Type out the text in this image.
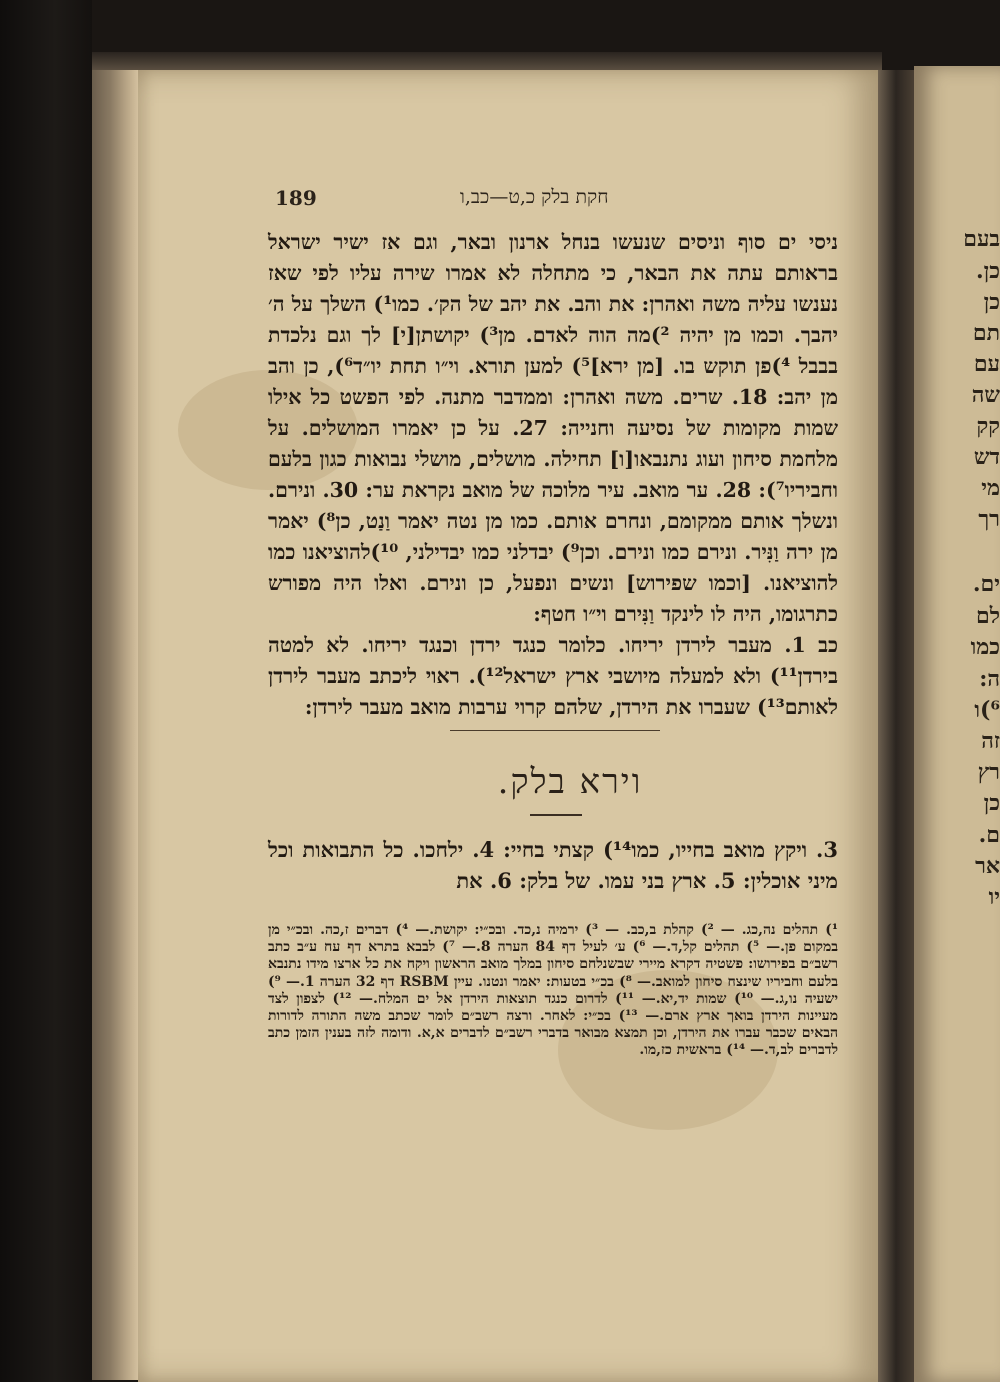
בעם
כן.
כן
תם
עם
שה
קק
דש
מי
רך
ים.
לם
כמו
ה:
⁶)ו
זה
רץ
כן
ם.
אר
יו
189	חקת בלק כ,ט—כב,ו

ניסי ים סוף וניסים שנעשו בנחל ארנון ובאר, וגם אז ישיר ישראל בראותם עתה את הבאר, כי מתחלה לא אמרו שירה עליו לפי שאז נענשו עליה משה ואהרן: את והב. את יהב של הק׳. כמו¹) השלך על ה׳ יהבך. וכמו מן יהיה ²)מה הוה לאדם. מן³) יקושתן[י] לך וגם נלכדת בבבל ⁴)פן תוקש בו. [מן ירא]⁵) למען תורא. וי״ו תחת יו״ד⁶), כן והב מן יהב: 18. שרים. משה ואהרן: וממדבר מתנה. לפי הפשט כל אילו שמות מקומות של נסיעה וחנייה: 27. על כן יאמרו המושלים. על מלחמת סיחון ועוג נתנבאו[ו] תחילה. מושלים, מושלי נבואות כגון בלעם וחביריו⁷): 28. ער מואב. עיר מלוכה של מואב נקראת ער: 30. ונירם. ונשלך אותם ממקומם, ונחרם אותם. כמו מן נטה יאמר וַנַט, כן⁸) יאמר מן ירה וַנִּיר. ונירם כמו ונירם. וכן⁹) יבדלני כמו יבדילני, ¹⁰)להוציאנו כמו להוציאנו. [וכמו שפירוש] ונשים ונפעל, כן ונירם. ואלו היה מפורש כתרגומו, היה לו לינקד וַנִּירם וי״ו חטף:

כב 1. מעבר לירדן יריחו. כלומר כנגד ירדן וכנגד יריחו. לא למטה בירדן¹¹) ולא למעלה מיושבי ארץ ישראל¹²). ראוי ליכתב מעבר לירדן לאותם¹³) שעברו את הירדן, שלהם קרוי ערבות מואב מעבר לירדן:

וירא בלק.

3. ויקץ מואב בחייו, כמו¹⁴) קצתי בחיי: 4. ילחכו. כל התבואות וכל מיני אוכלין: 5. ארץ בני עמו. של בלק: 6. את

¹) תהלים נה,כג. — ²) קהלת ב,כב. — ³) ירמיה נ,כד. ובכ״י: יקושת.— ⁴) דברים ז,כה. ובכ״י מן במקום פן.— ⁵) תהלים קל,ד.— ⁶) ע׳ לעיל דף 84 הערה 8.— ⁷) לבבא בתרא דף עח ע״ב כתב רשב״ם בפירושו: פשטיה דקרא מיירי שבשנלחם סיחון במלך מואב הראשון ויקח את כל ארצו מידו נתנבא בלעם וחביריו שינצח סיחון למואב.— ⁸) בכ״י בטעות: יאמר ונטנו. עיין RSBM דף 32 הערה 1.— ⁹) ישעיה נו,ג.— ¹⁰) שמות יד,יא.— ¹¹) לדרום כנגד תוצאות הירדן אל ים המלח.— ¹²) לצפון לצד מעיינות הירדן בואך ארץ ארם.— ¹³) בכ״י: לאחר. ורצה רשב״ם לומר שכתב משה התורה לדורות הבאים שכבר עברו את הירדן, וכן תמצא מבואר בדברי רשב״ם לדברים א,א. ודומה לזה בענין הזמן כתב לדברים לב,ד.— ¹⁴) בראשית כז,מו.
